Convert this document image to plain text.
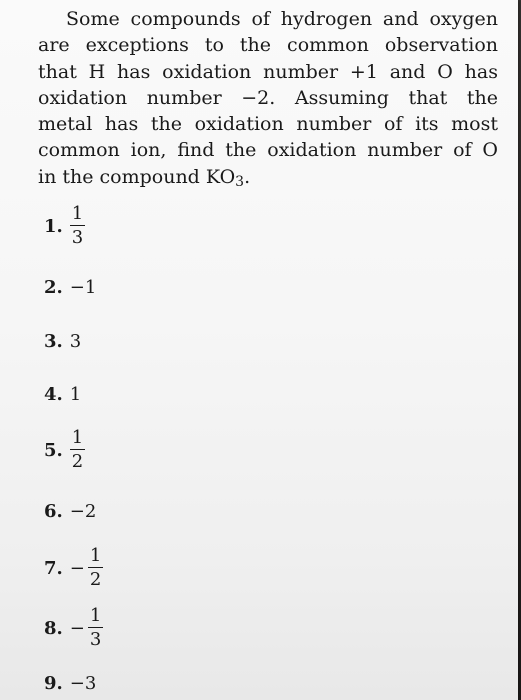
Some compounds of hydrogen and oxygen
are exceptions to the common observation
that H has oxidation number +1 and O has
oxidation number −2. Assuming that the
metal has the oxidation number of its most
common ion, find the oxidation number of O
in the compound $KO_3$.
1. $\frac{1}{3}$
2. −1
3. 3
4. 1
5. $\frac{1}{2}$
6. −2
7. − $\frac{1}{2}$
8. − $\frac{1}{3}$
9. −3
